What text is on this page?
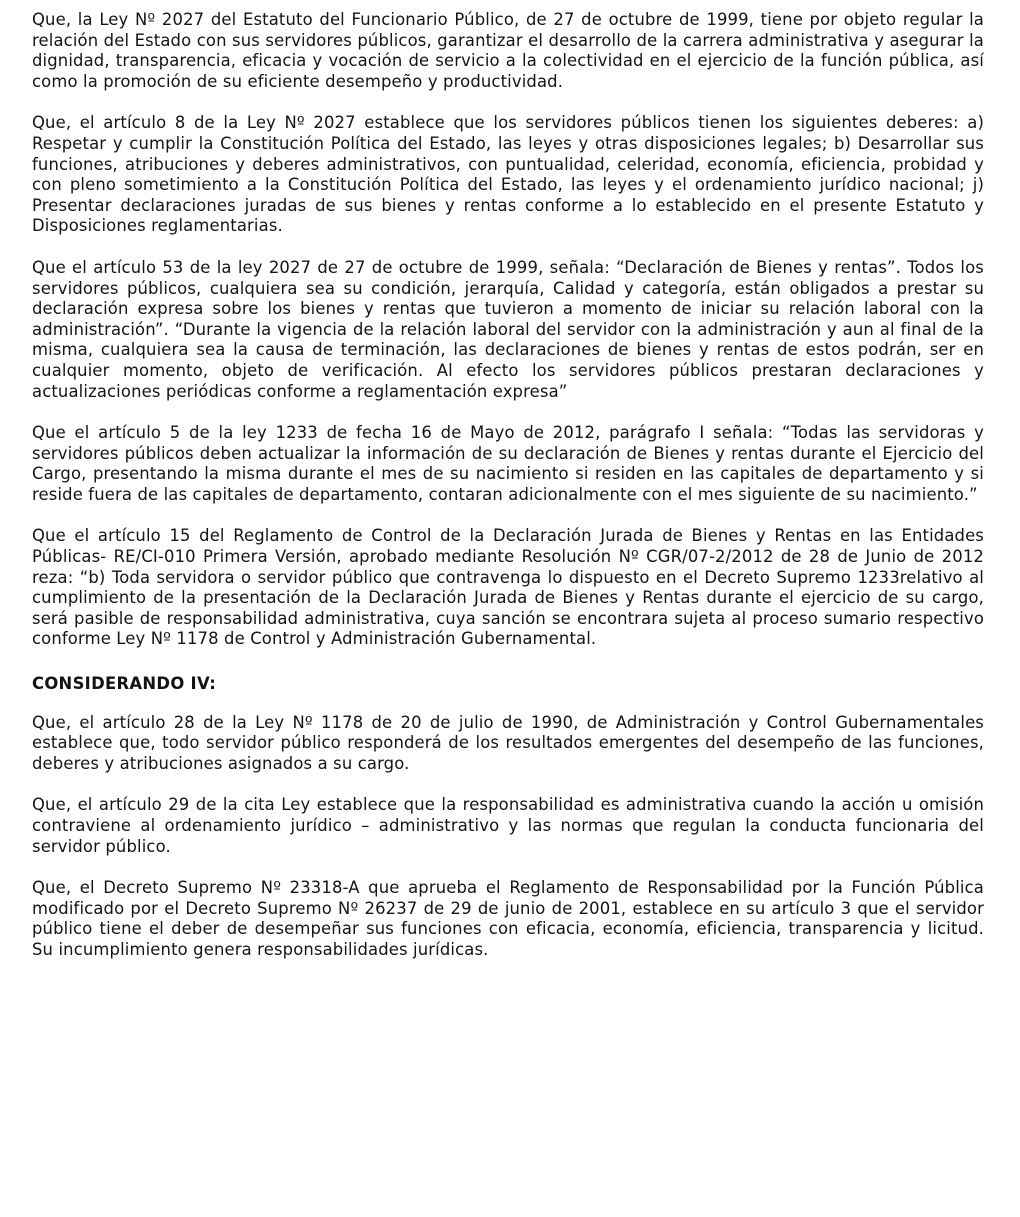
Que, la Ley Nº 2027 del Estatuto del Funcionario Público, de 27 de octubre de 1999, tiene por objeto regular la relación del Estado con sus servidores públicos, garantizar el desarrollo de la carrera administrativa y asegurar la dignidad, transparencia, eficacia y vocación de servicio a la colectividad en el ejercicio de la función pública, así como la promoción de su eficiente desempeño y productividad.

Que, el artículo 8 de la Ley Nº 2027 establece que los servidores públicos tienen los siguientes deberes: a) Respetar y cumplir la Constitución Política del Estado, las leyes y otras disposiciones legales; b) Desarrollar sus funciones, atribuciones y deberes administrativos, con puntualidad, celeridad, economía, eficiencia, probidad y con pleno sometimiento a la Constitución Política del Estado, las leyes y el ordenamiento jurídico nacional; j) Presentar declaraciones juradas de sus bienes y rentas conforme a lo establecido en el presente Estatuto y Disposiciones reglamentarias.

Que el artículo 53 de la ley 2027 de 27 de octubre de 1999, señala: “Declaración de Bienes y rentas”. Todos los servidores públicos, cualquiera sea su condición, jerarquía, Calidad y categoría, están obligados a prestar su declaración expresa sobre los bienes y rentas que tuvieron a momento de iniciar su relación laboral con la administración”. “Durante la vigencia de la relación laboral del servidor con la administración y aun al final de la misma, cualquiera sea la causa de terminación, las declaraciones de bienes y rentas de estos podrán, ser en cualquier momento, objeto de verificación. Al efecto los servidores públicos prestaran declaraciones y actualizaciones periódicas conforme a reglamentación expresa”

Que el artículo 5 de la ley 1233 de fecha 16 de Mayo de 2012, parágrafo I señala: “Todas las servidoras y servidores públicos deben actualizar la información de su declaración de Bienes y rentas durante el Ejercicio del Cargo, presentando la misma durante el mes de su nacimiento si residen en las capitales de departamento y si reside fuera de las capitales de departamento, contaran adicionalmente con el mes siguiente de su nacimiento.”

Que el artículo 15 del Reglamento de Control de la Declaración Jurada de Bienes y Rentas en las Entidades Públicas- RE/CI-010 Primera Versión, aprobado mediante Resolución Nº CGR/07-2/2012 de 28 de Junio de 2012 reza: “b) Toda servidora o servidor público que contravenga lo dispuesto en el Decreto Supremo 1233relativo al cumplimiento de la presentación de la Declaración Jurada de Bienes y Rentas durante el ejercicio de su cargo, será pasible de responsabilidad administrativa, cuya sanción se encontrara sujeta al proceso sumario respectivo conforme Ley Nº 1178 de Control y Administración Gubernamental.

CONSIDERANDO IV:

Que, el artículo 28 de la Ley Nº 1178 de 20 de julio de 1990, de Administración y Control Gubernamentales establece que, todo servidor público responderá de los resultados emergentes del desempeño de las funciones, deberes y atribuciones asignados a su cargo.

Que, el artículo 29 de la cita Ley establece que la responsabilidad es administrativa cuando la acción u omisión contraviene al ordenamiento jurídico – administrativo y las normas que regulan la conducta funcionaria del servidor público.

Que, el Decreto Supremo Nº 23318-A que aprueba el Reglamento de Responsabilidad por la Función Pública modificado por el Decreto Supremo Nº 26237 de 29 de junio de 2001, establece en su artículo 3 que el servidor público tiene el deber de desempeñar sus funciones con eficacia, economía, eficiencia, transparencia y licitud. Su incumplimiento genera responsabilidades jurídicas.
